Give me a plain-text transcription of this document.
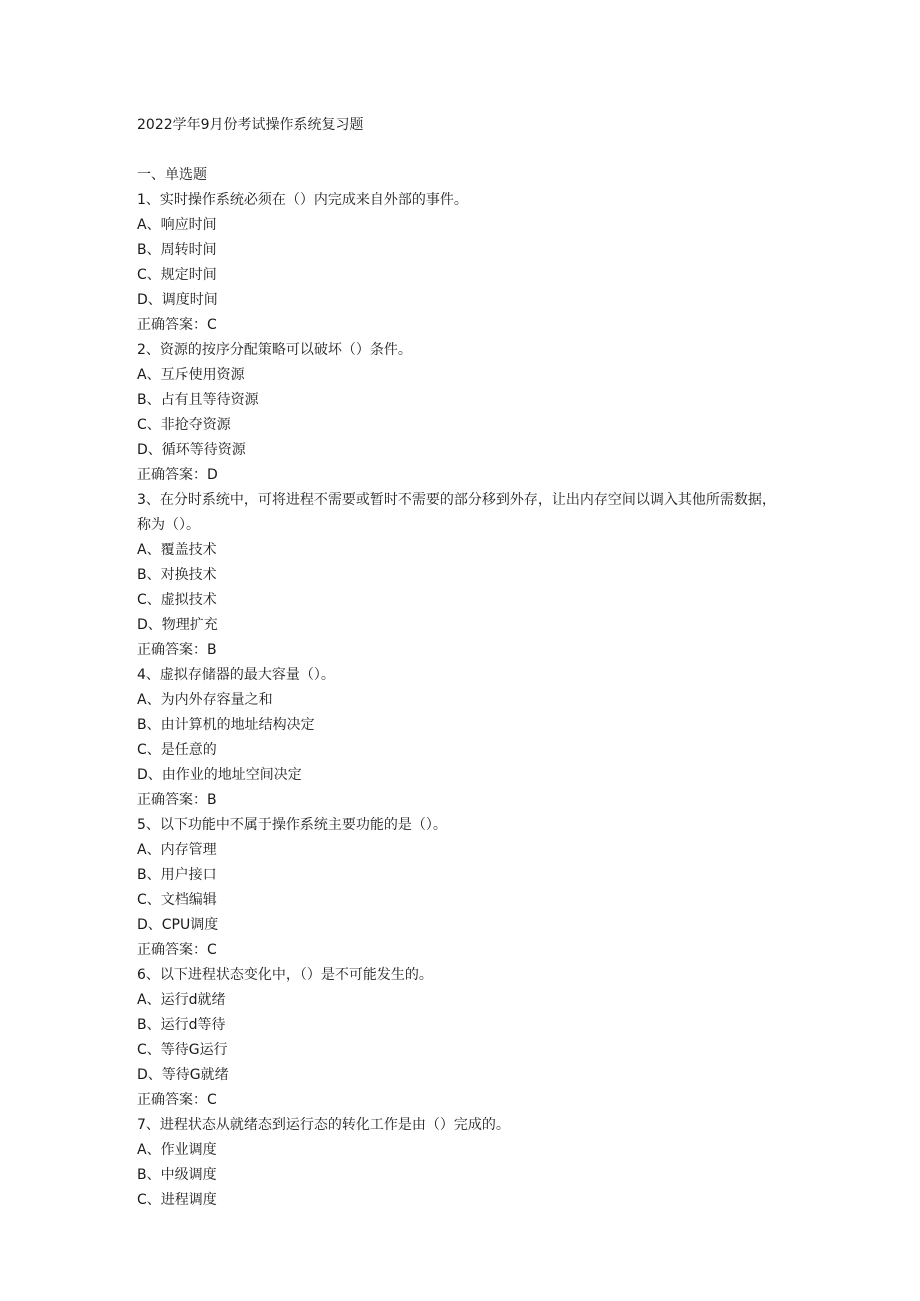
2022学年9月份考试操作系统复习题
一、单选题
1、实时操作系统必须在（）内完成来自外部的事件。
A、响应时间
B、周转时间
C、规定时间
D、调度时间
正确答案：C
2、资源的按序分配策略可以破坏（）条件。
A、互斥使用资源
B、占有且等待资源
C、非抢夺资源
D、循环等待资源
正确答案：D
3、在分时系统中，可将进程不需要或暂时不需要的部分移到外存，让出内存空间以调入其他所需数据，称为（）。
A、覆盖技术
B、对换技术
C、虚拟技术
D、物理扩充
正确答案：B
4、虚拟存储器的最大容量（）。
A、为内外存容量之和
B、由计算机的地址结构决定
C、是任意的
D、由作业的地址空间决定
正确答案：B
5、以下功能中不属于操作系统主要功能的是（）。
A、内存管理
B、用户接口
C、文档编辑
D、CPU调度
正确答案：C
6、以下进程状态变化中，（）是不可能发生的。
A、运行d就绪
B、运行d等待
C、等待G运行
D、等待G就绪
正确答案：C
7、进程状态从就绪态到运行态的转化工作是由（）完成的。
A、作业调度
B、中级调度
C、进程调度
